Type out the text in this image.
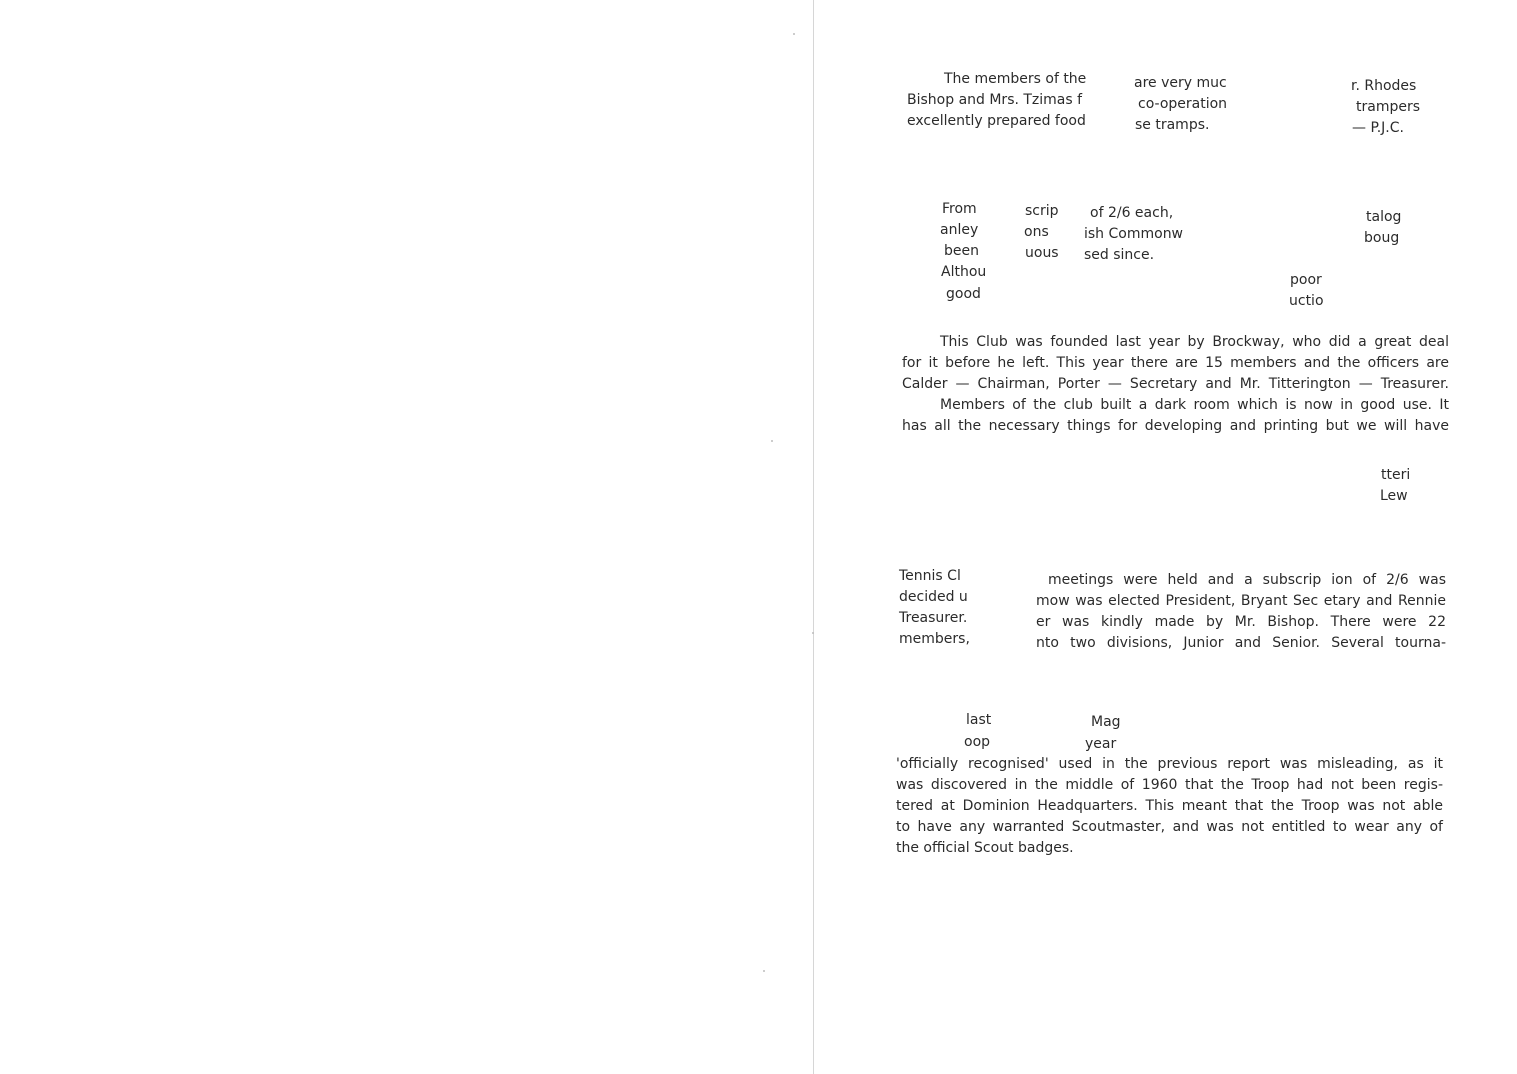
The members of the
Bishop and Mrs. Tzimas f
excellently prepared food
are very muc
co-operation
se tramps.
r. Rhodes
trampers
— P.J.C.
From
anley
been
Althou
good
scrip
ons
uous
of 2/6 each,
ish Commonw
sed since.
poor
uctio
talog
boug
This Club was founded last year by Brockway, who did a great deal
for it before he left. This year there are 15 members and the officers are
Calder — Chairman, Porter — Secretary and Mr. Titterington — Treasurer.
Members of the club built a dark room which is now in good use. It
has all the necessary things for developing and printing but we will have
tteri
Lew
Tennis Cl
decided u
Treasurer.
members,
meetings were held and a subscrip ion of 2/6 was
mow was elected President, Bryant Sec etary and Rennie
er was kindly made by Mr. Bishop. There were 22
nto two divisions, Junior and Senior. Several tourna-
last
oop
Mag
year
'officially recognised' used in the previous report was misleading, as it
was discovered in the middle of 1960 that the Troop had not been regis-
tered at Dominion Headquarters. This meant that the Troop was not able
to have any warranted Scoutmaster, and was not entitled to wear any of
the official Scout badges.
